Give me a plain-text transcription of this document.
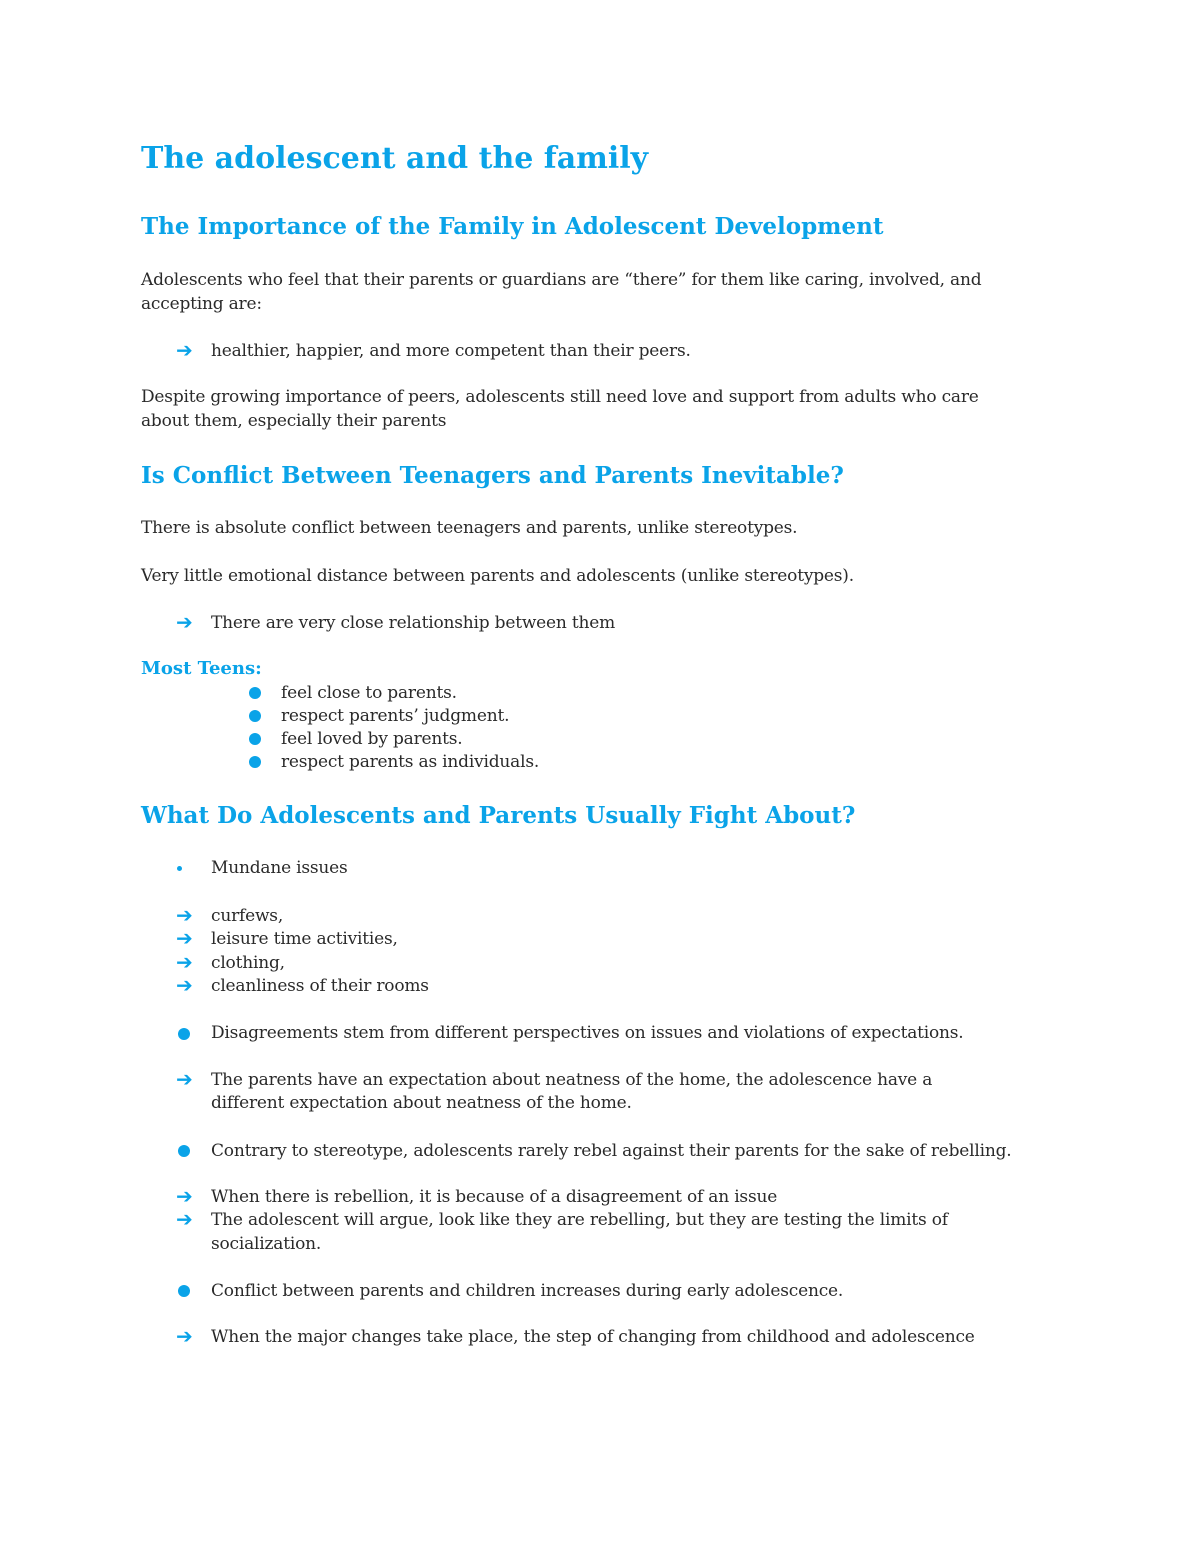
The adolescent and the family
The Importance of the Family in Adolescent Development
Adolescents who feel that their parents or guardians are “there” for them like caring, involved, and
accepting are:
➔ healthier, happier, and more competent than their peers.
Despite growing importance of peers, adolescents still need love and support from adults who care
about them, especially their parents
Is Conflict Between Teenagers and Parents Inevitable?
There is absolute conflict between teenagers and parents, unlike stereotypes.
Very little emotional distance between parents and adolescents (unlike stereotypes).
➔ There are very close relationship between them
Most Teens:
feel close to parents.
respect parents’ judgment.
feel loved by parents.
respect parents as individuals.
What Do Adolescents and Parents Usually Fight About?
Mundane issues
➔ curfews,
➔ leisure time activities,
➔ clothing,
➔ cleanliness of their rooms
Disagreements stem from different perspectives on issues and violations of expectations.
➔ The parents have an expectation about neatness of the home, the adolescence have a
different expectation about neatness of the home.
Contrary to stereotype, adolescents rarely rebel against their parents for the sake of rebelling.
➔ When there is rebellion, it is because of a disagreement of an issue
➔ The adolescent will argue, look like they are rebelling, but they are testing the limits of
socialization.
Conflict between parents and children increases during early adolescence.
➔ When the major changes take place, the step of changing from childhood and adolescence
